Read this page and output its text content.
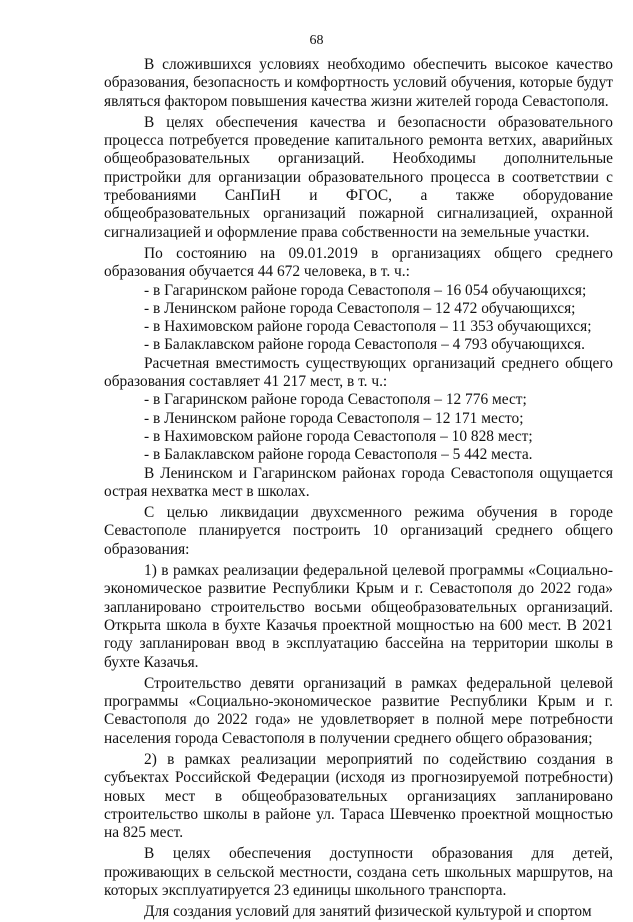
68

В сложившихся условиях необходимо обеспечить высокое качество образования, безопасность и комфортность условий обучения, которые будут являться фактором повышения качества жизни жителей города Севастополя.

В целях обеспечения качества и безопасности образовательного процесса потребуется проведение капитального ремонта ветхих, аварийных общеобразовательных организаций. Необходимы дополнительные пристройки для организации образовательного процесса в соответствии с требованиями СанПиН и ФГОС, а также оборудование общеобразовательных организаций пожарной сигнализацией, охранной сигнализацией и оформление права собственности на земельные участки.

По состоянию на 09.01.2019 в организациях общего среднего образования обучается 44 672 человека, в т. ч.:

- в Гагаринском районе города Севастополя – 16 054 обучающихся;

- в Ленинском районе города Севастополя – 12 472 обучающихся;

- в Нахимовском районе города Севастополя – 11 353 обучающихся;

- в Балаклавском районе города Севастополя – 4 793 обучающихся.

Расчетная вместимость существующих организаций среднего общего образования составляет 41 217 мест, в т. ч.:

- в Гагаринском районе города Севастополя – 12 776 мест;

- в Ленинском районе города Севастополя – 12 171 место;

- в Нахимовском районе города Севастополя – 10 828 мест;

- в Балаклавском районе города Севастополя – 5 442 места.

В Ленинском и Гагаринском районах города Севастополя ощущается острая нехватка мест в школах.

С целью ликвидации двухсменного режима обучения в городе Севастополе планируется построить 10 организаций среднего общего образования:

1) в рамках реализации федеральной целевой программы «Социально-экономическое развитие Республики Крым и г. Севастополя до 2022 года» запланировано строительство восьми общеобразовательных организаций. Открыта школа в бухте Казачья проектной мощностью на 600 мест. В 2021 году запланирован ввод в эксплуатацию бассейна на территории школы в бухте Казачья.

Строительство девяти организаций в рамках федеральной целевой программы «Социально-экономическое развитие Республики Крым и г. Севастополя до 2022 года» не удовлетворяет в полной мере потребности населения города Севастополя в получении среднего общего образования;

2) в рамках реализации мероприятий по содействию создания в субъектах Российской Федерации (исходя из прогнозируемой потребности) новых мест в общеобразовательных организациях запланировано строительство школы в районе ул. Тараса Шевченко проектной мощностью на 825 мест.

В целях обеспечения доступности образования для детей, проживающих в сельской местности, создана сеть школьных маршрутов, на которых эксплуатируется 23 единицы школьного транспорта.

Для создания условий для занятий физической культурой и спортом
